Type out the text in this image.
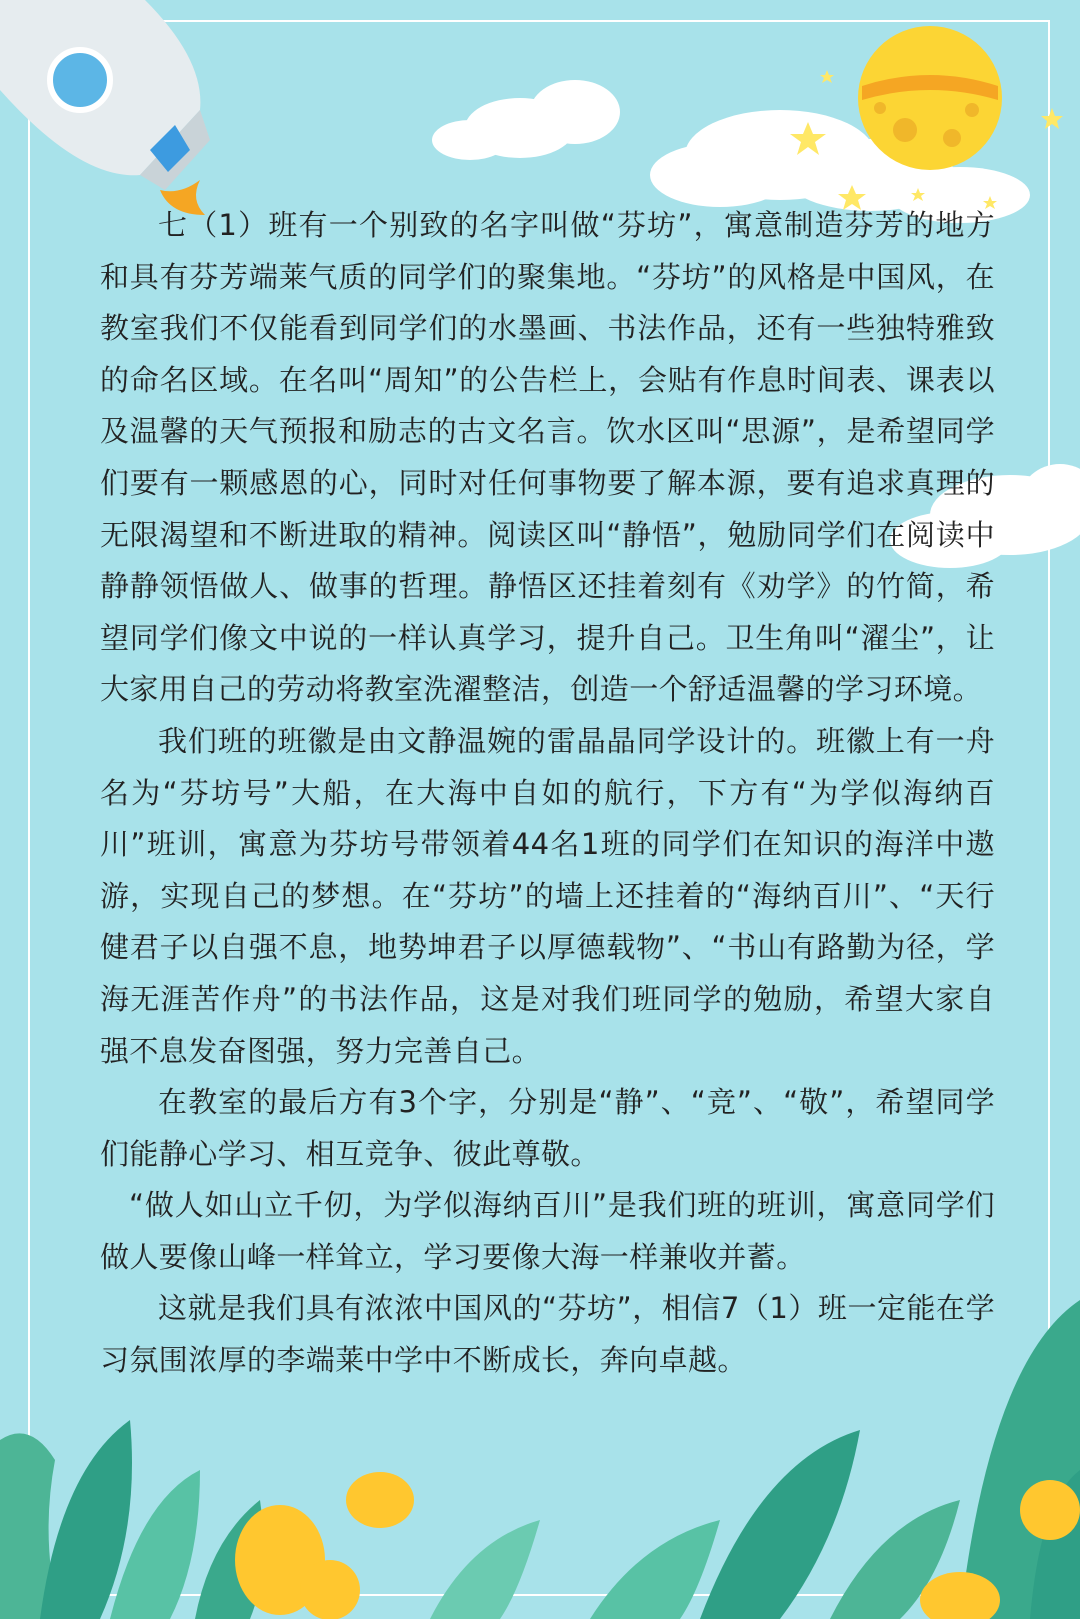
七（1）班有一个别致的名字叫做“芬坊”，寓意制造芬芳的地方和具有芬芳端莱气质的同学们的聚集地。“芬坊”的风格是中国风，在教室我们不仅能看到同学们的水墨画、书法作品，还有一些独特雅致的命名区域。在名叫“周知”的公告栏上，会贴有作息时间表、课表以及温馨的天气预报和励志的古文名言。饮水区叫“思源”，是希望同学们要有一颗感恩的心，同时对任何事物要了解本源，要有追求真理的无限渴望和不断进取的精神。阅读区叫“静悟”，勉励同学们在阅读中静静领悟做人、做事的哲理。静悟区还挂着刻有《劝学》的竹简，希望同学们像文中说的一样认真学习，提升自己。卫生角叫“濯尘”，让大家用自己的劳动将教室洗濯整洁，创造一个舒适温馨的学习环境。

我们班的班徽是由文静温婉的雷晶晶同学设计的。班徽上有一舟名为“芬坊号”大船，在大海中自如的航行，下方有“为学似海纳百川”班训，寓意为芬坊号带领着44名1班的同学们在知识的海洋中遨游，实现自己的梦想。在“芬坊”的墙上还挂着的“海纳百川”、“天行健君子以自强不息，地势坤君子以厚德载物”、“书山有路勤为径，学海无涯苦作舟”的书法作品，这是对我们班同学的勉励，希望大家自强不息发奋图强，努力完善自己。

在教室的最后方有3个字，分别是“静”、“竞”、“敬”，希望同学们能静心学习、相互竞争、彼此尊敬。

“做人如山立千仞，为学似海纳百川”是我们班的班训，寓意同学们做人要像山峰一样耸立，学习要像大海一样兼收并蓄。

这就是我们具有浓浓中国风的“芬坊”，相信7（1）班一定能在学习氛围浓厚的李端莱中学中不断成长，奔向卓越。
